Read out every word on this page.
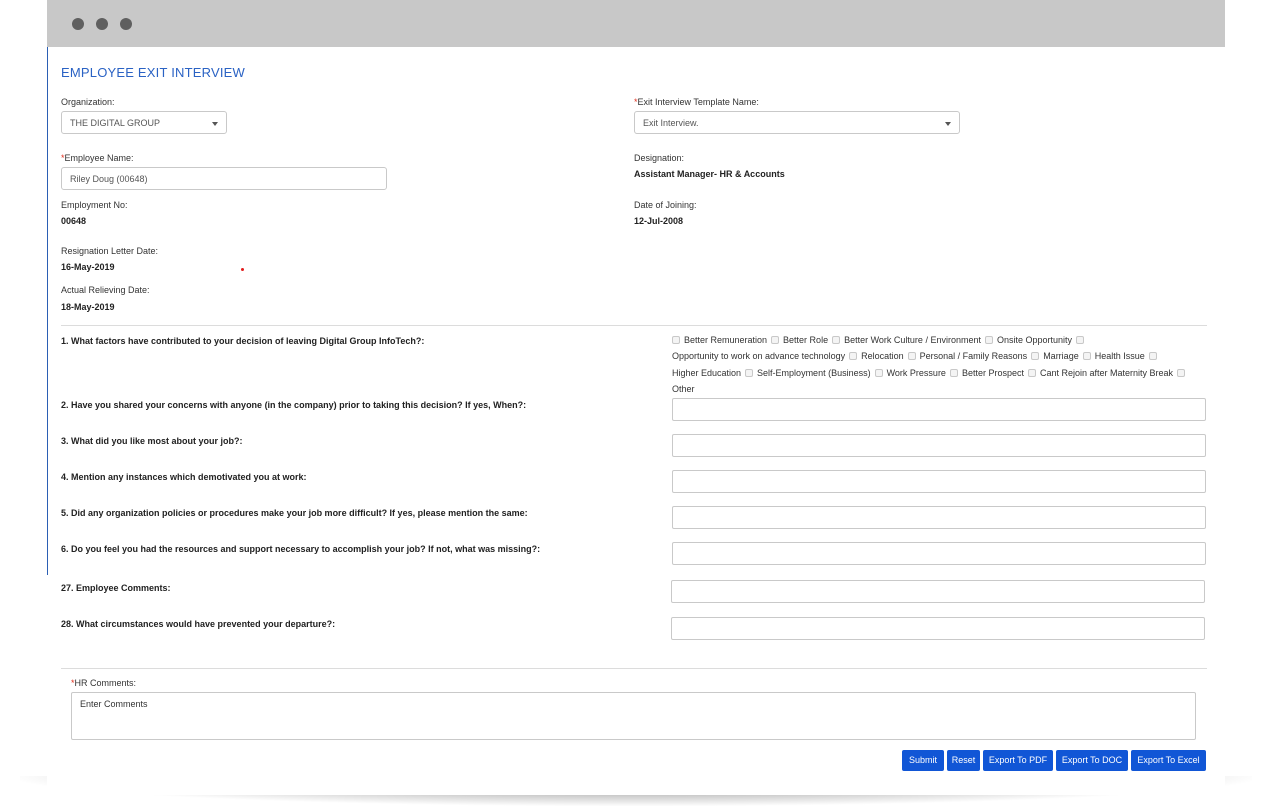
EMPLOYEE EXIT INTERVIEW
Organization:
THE DIGITAL GROUP
*Exit Interview Template Name:
Exit Interview.
*Employee Name:
Riley Doug (00648)
Designation:
Assistant Manager- HR & Accounts
Employment No:
00648
Date of Joining:
12-Jul-2008
Resignation Letter Date:
16-May-2019
Actual Relieving Date:
18-May-2019
1. What factors have contributed to your decision of leaving Digital Group InfoTech?:	Better Remuneration Better Role Better Work Culture / Environment Onsite Opportunity
Opportunity to work on advance technology Relocation Personal / Family Reasons Marriage Health Issue
Higher Education Self-Employment (Business) Work Pressure Better Prospect Cant Rejoin after Maternity Break
Other
2. Have you shared your concerns with anyone (in the company) prior to taking this decision? If yes, When?:
3. What did you like most about your job?:
4. Mention any instances which demotivated you at work:
5. Did any organization policies or procedures make your job more difficult? If yes, please mention the same:
6. Do you feel you had the resources and support necessary to accomplish your job? If not, what was missing?:
27. Employee Comments:
28. What circumstances would have prevented your departure?:
*HR Comments:
Enter Comments
Submit	Reset	Export To PDF	Export To DOC	Export To Excel
